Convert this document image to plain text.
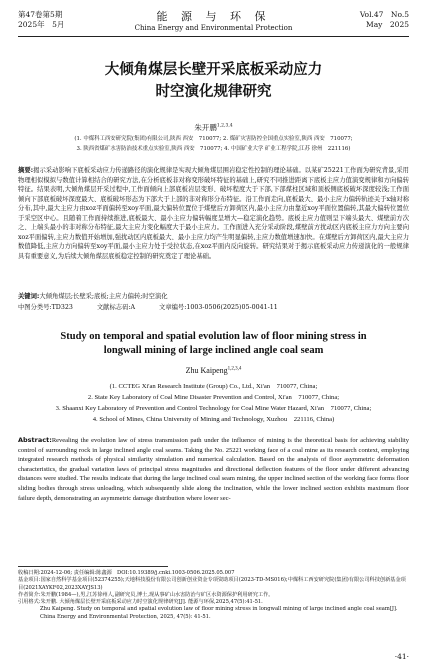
第47卷第5期
2025年　5月
能 源 与 环 保
China Energy and Environmental Protection
Vol.47　No.5
May　2025
大倾角煤层长壁开采底板采动应力
时空演化规律研究
朱开鹏$^{1,2,3,4}$
(1. 中煤科工西安研究院(集团)有限公司,陕西 西安　710077; 2. 煤矿灾害防控全国重点实验室,陕西 西安　710077;
3. 陕西省煤矿水害防治技术重点实验室,陕西 西安　710077; 4. 中国矿业大学 矿业工程学院,江苏 徐州　221116)
摘要:揭示采动影响下底板采动应力传递路径的演化规律是实现大倾角煤层围岩稳定性控制的理论基础。以某矿25221工作面为研究背景,采用物理相似模拟与数值计算相结合的研究方法,在分析底板非对称变形破坏特征的基础上,研究不同推进距离下底板主应力值演变规律和方向偏转特征。结果表明,大倾角煤层开采过程中,工作面倾向上部底板岩层变形、破坏程度大于下部,下部煤柱区域和顶板侧底板破坏深度较浅;工作面倾向下部底板破坏深度最大、底板破坏形态为下部大于上部的非对称形分布特征。沿工作面走向,底板最大、最小主应力偏转轨迹关于x轴对称分布,其中,最大主应力由xoz平面偏转至xoy平面,最大偏转位置位于煤壁后方卸荷区内,最小主应力由靠近xoy平面位置偏转,其最大偏转位置位于采空区中心。且随着工作面持续推进,底板最大、最小主应力偏转幅度呈增大—稳定演化趋势。底板主应力值则呈下端头最大、煤壁前方次之、上端头最小的非对称分布特征,最大主应力变化幅度大于最小主应力。工作面进入充分采动阶段,煤壁前方扰动区内底板主应力方向主要向xoz平面偏转,主应力数值开始增加,强扰动区内底板最大、最小主应力均产生明显偏转,主应力数值增速加快。在煤壁后方卸荷区内,最大主应力数值降低,主应力方向偏转至xoy平面,最小主应力处于受拉状态,在xoz平面内反向旋转。研究结果对于揭示底板采动应力传递演化的一般规律具有重要意义,为后续大倾角煤层底板稳定控制的研究奠定了理论基础。
关键词:大倾角煤层;长壁采;底板;主应力偏转;时空演化
中图分类号:TD323	文献标志码:A	文章编号:1003-0506(2025)05-0041-11
Study on temporal and spatial evolution law of floor mining stress in
longwall mining of large inclined angle coal seam
Zhu Kaipeng$^{1,2,3,4}$
(1. CCTEG Xi'an Research Institute (Group) Co., Ltd., Xi'an　710077, China;
2. State Key Laboratory of Coal Mine Disaster Prevention and Control, Xi'an　710077, China;
3. Shaanxi Key Laboratory of Prevention and Control Technology for Coal Mine Water Hazard, Xi'an　710077, China;
4. School of Mines, China University of Mining and Technology, Xuzhou　221116, China)
Abstract:Revealing the evolution law of stress transmission path under the influence of mining is the theoretical basis for achieving stability control of surrounding rock in large inclined angle coal seams. Taking the No. 25221 working face of a coal mine as its research context, employing integrated research methods of physical similarity simulation and numerical calculation. Based on the analysis of floor asymmetric deformation characteristics, the gradual variation laws of principal stress magnitudes and directional deflection features of the floor under different advancing distances were studied. The results indicate that during the large inclined coal seam mining, the upper inclined section of the working face forms floor sliding bodies through stress unloading, which subsequently slide along the inclination, while the lower inclined section exhibits maximum floor failure depth, demonstrating an asymmetric damage distribution where lower sec-
收稿日期:2024-12-06; 责任编辑:陈鑫源　DOI:10.19389/j.cnki.1003-0506.2025.05.007
基金项目:国家自然科学基金项目(52374255);天地科技股份有限公司创新创业资金专项资助项目(2023-TD-MS016);中煤科工西安研究院(集团)有限公司科技创新基金项目(2021XAYKF02,2023XAYJS13)
作者简介:朱开鹏(1984—),男,江苏徐州人,副研究员,博士,现从事矿山水害防治与矿区水资源保护利用研究工作。
引用格式:朱开鹏. 大倾角煤层长壁开采底板采动应力时空演化规律研究[J]. 能源与环保,2025,47(5):41-51.
Zhu Kaipeng. Study on temporal and spatial evolution law of floor mining stress in longwall mining of large inclined angle coal seam[J]. China Energy and Environmental Protection, 2025, 47(5): 41-51.
·41·
